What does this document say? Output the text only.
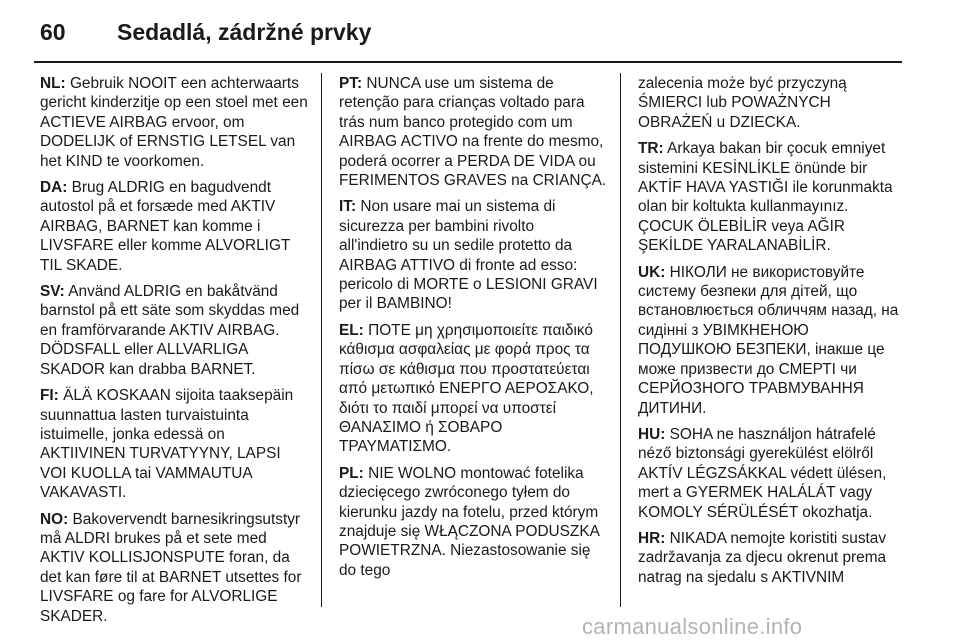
60 Sedadlá, zádržné prvky

NL: Gebruik NOOIT een achterwaarts gericht kinderzitje op een stoel met een ACTIEVE AIRBAG ervoor, om DODELIJK of ERNSTIG LETSEL van het KIND te voorkomen.

DA: Brug ALDRIG en bagudvendt autostol på et forsæde med AKTIV AIRBAG, BARNET kan komme i LIVSFARE eller komme ALVORLIGT TIL SKADE.

SV: Använd ALDRIG en bakåtvänd barnstol på ett säte som skyddas med en framförvarande AKTIV AIRBAG. DÖDSFALL eller ALLVARLIGA SKADOR kan drabba BARNET.

FI: ÄLÄ KOSKAAN sijoita taaksepäin suunnattua lasten turvaistuinta istuimelle, jonka edessä on AKTIIVINEN TURVATYYNY, LAPSI VOI KUOLLA tai VAMMAUTUA VAKAVASTI.

NO: Bakovervendt barnesikringsutstyr må ALDRI brukes på et sete med AKTIV KOLLISJONSPUTE foran, da det kan føre til at BARNET utsettes for LIVSFARE og fare for ALVORLIGE SKADER.

PT: NUNCA use um sistema de retenção para crianças voltado para trás num banco protegido com um AIRBAG ACTIVO na frente do mesmo, poderá ocorrer a PERDA DE VIDA ou FERIMENTOS GRAVES na CRIANÇA.

IT: Non usare mai un sistema di sicurezza per bambini rivolto all'indietro su un sedile protetto da AIRBAG ATTIVO di fronte ad esso: pericolo di MORTE o LESIONI GRAVI per il BAMBINO!

EL: ΠΟΤΕ μη χρησιμοποιείτε παιδικό κάθισμα ασφαλείας με φορά προς τα πίσω σε κάθισμα που προστατεύεται από μετωπικό ΕΝΕΡΓΟ ΑΕΡΟΣΑΚΟ, διότι το παιδί μπορεί να υποστεί ΘΑΝΑΣΙΜΟ ή ΣΟΒΑΡΟ ΤΡΑΥΜΑΤΙΣΜΟ.

PL: NIE WOLNO montować fotelika dziecięcego zwróconego tyłem do kierunku jazdy na fotelu, przed którym znajduje się WŁĄCZONA PODUSZKA POWIETRZNA. Niezastosowanie się do tego

zalecenia może być przyczyną ŚMIERCI lub POWAŻNYCH OBRAŻEŃ u DZIECKA.

TR: Arkaya bakan bir çocuk emniyet sistemini KESİNLİKLE önünde bir AKTİF HAVA YASTIĞI ile korunmakta olan bir koltukta kullanmayınız. ÇOCUK ÖLEBİLİR veya AĞIR ŞEKİLDE YARALANABİLİR.

UK: НІКОЛИ не використовуйте систему безпеки для дітей, що встановлюється обличчям назад, на сидінні з УВІМКНЕНОЮ ПОДУШКОЮ БЕЗПЕКИ, інакше це може призвести до СМЕРТІ чи СЕРЙОЗНОГО ТРАВМУВАННЯ ДИТИНИ.

HU: SOHA ne használjon hátrafelé néző biztonsági gyerekülést elölről AKTÍV LÉGZSÁKKAL védett ülésen, mert a GYERMEK HALÁLÁT vagy KOMOLY SÉRÜLÉSÉT okozhatja.

HR: NIKADA nemojte koristiti sustav zadržavanja za djecu okrenut prema natrag na sjedalu s AKTIVNIM

carmanualsonline.info
